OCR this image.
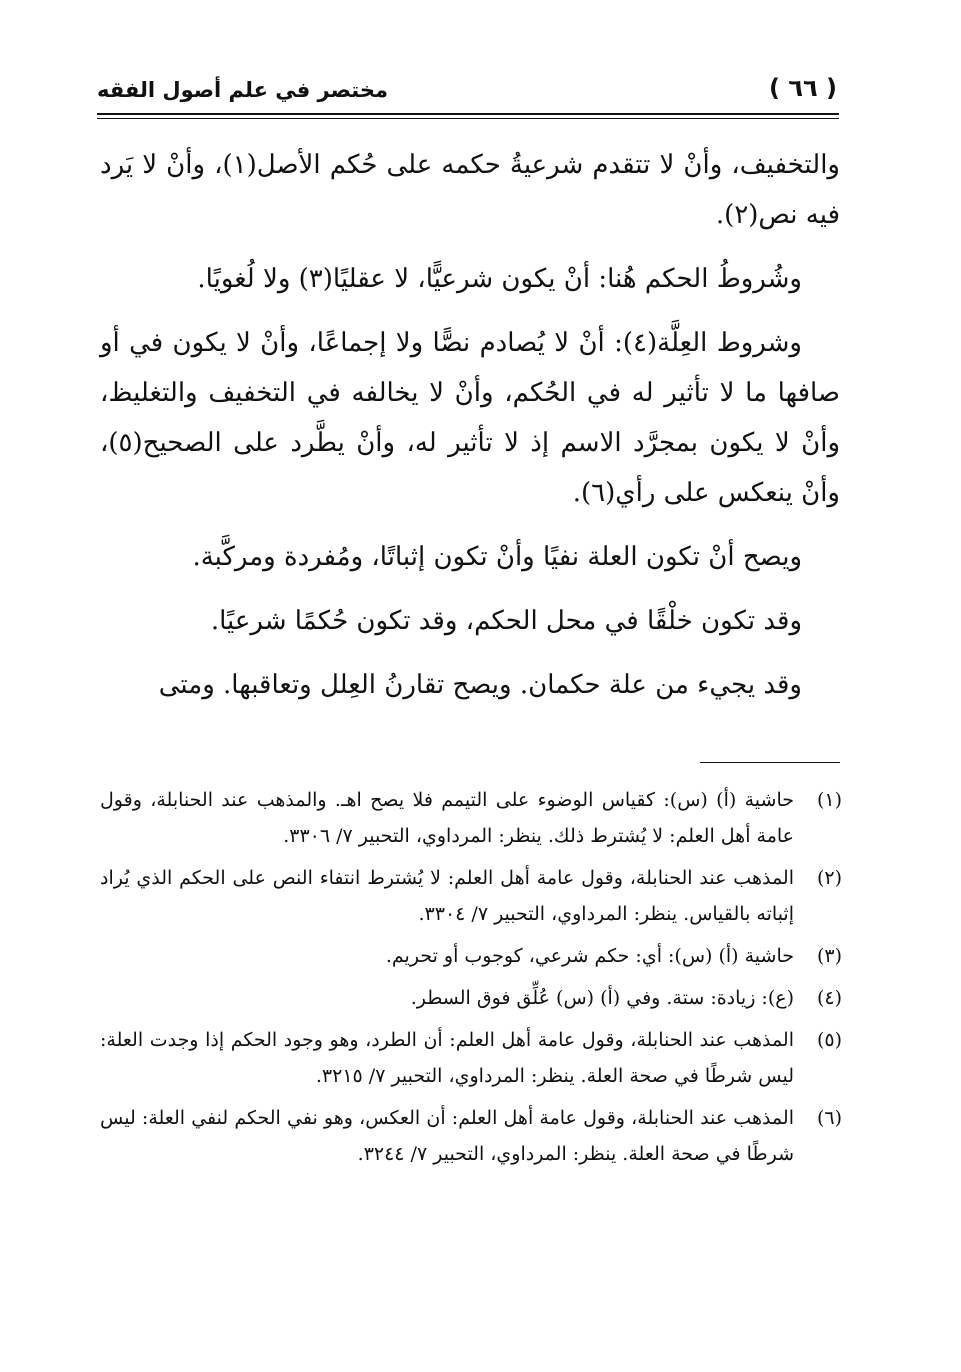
( ٦٦ )
مختصر في علم أصول الفقه

والتخفيف، وأنْ لا تتقدم شرعيةُ حكمه على حُكم الأصل(١)، وأنْ لا يَرد فيه نص(٢).

وشُروطُ الحكم هُنا: أنْ يكون شرعيًّا، لا عقليًا(٣) ولا لُغويًا.

وشروط العِلَّة(٤): أنْ لا يُصادم نصًّا ولا إجماعًا، وأنْ لا يكون في أو صافها ما لا تأثير له في الحُكم، وأنْ لا يخالفه في التخفيف والتغليظ، وأنْ لا يكون بمجرَّد الاسم إذ لا تأثير له، وأنْ يطَّرد على الصحيح(٥)، وأنْ ينعكس على رأي(٦).

ويصح أنْ تكون العلة نفيًا وأنْ تكون إثباتًا، ومُفردة ومركَّبة.

وقد تكون خلْقًا في محل الحكم، وقد تكون حُكمًا شرعيًا.

وقد يجيء من علة حكمان. ويصح تقارنُ العِلل وتعاقبها. ومتى

(١)
حاشية (أ) (س): كقياس الوضوء على التيمم فلا يصح اهـ. والمذهب عند الحنابلة، وقول عامة أهل العلم: لا يُشترط ذلك. ينظر: المرداوي، التحبير ٧/ ٣٣٠٦.
(٢)
المذهب عند الحنابلة، وقول عامة أهل العلم: لا يُشترط انتفاء النص على الحكم الذي يُراد إثباته بالقياس. ينظر: المرداوي، التحبير ٧/ ٣٣٠٤.
(٣)
حاشية (أ) (س): أي: حكم شرعي، كوجوب أو تحريم.
(٤)
(ع): زيادة: ستة. وفي (أ) (س) عُلِّق فوق السطر.
(٥)
المذهب عند الحنابلة، وقول عامة أهل العلم: أن الطرد، وهو وجود الحكم إذا وجدت العلة: ليس شرطًا في صحة العلة. ينظر: المرداوي، التحبير ٧/ ٣٢١٥.
(٦)
المذهب عند الحنابلة، وقول عامة أهل العلم: أن العكس، وهو نفي الحكم لنفي العلة: ليس شرطًا في صحة العلة. ينظر: المرداوي، التحبير ٧/ ٣٢٤٤.
